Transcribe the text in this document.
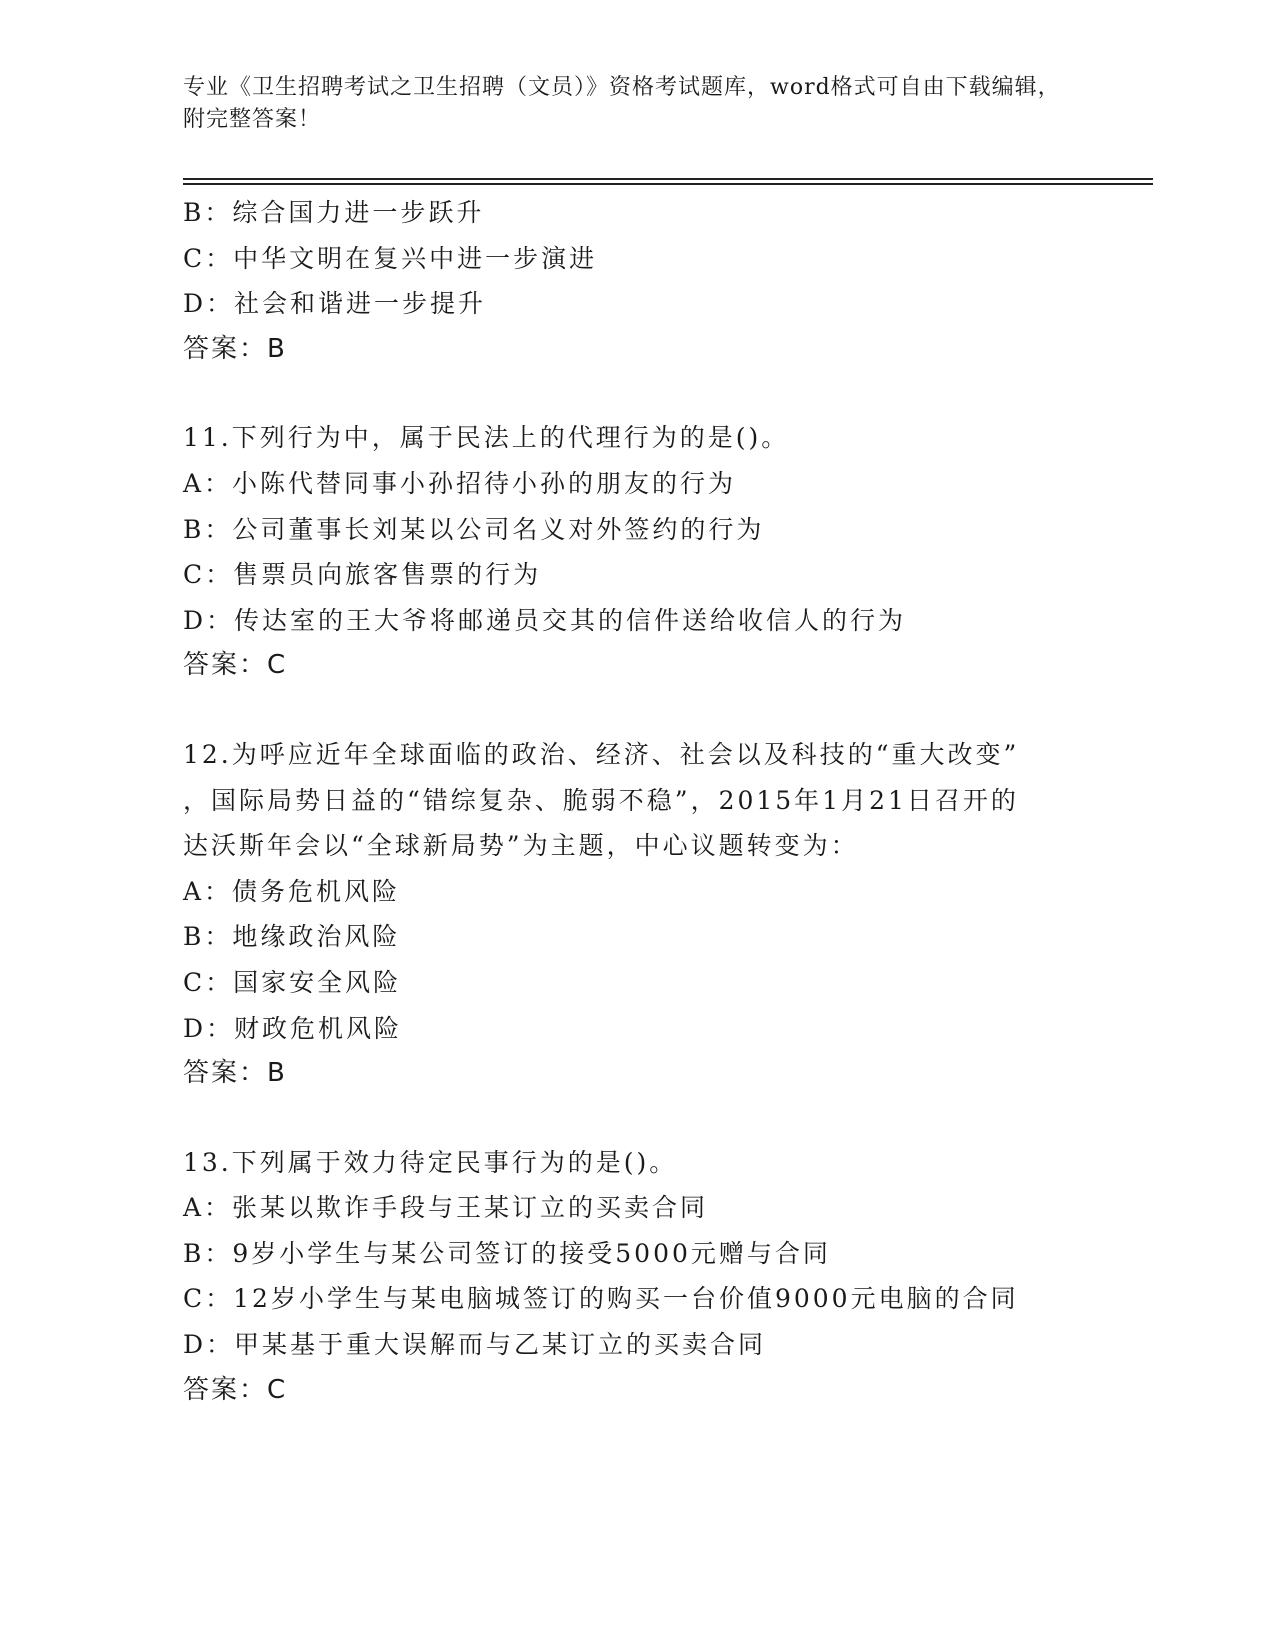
专业《卫生招聘考试之卫生招聘（文员）》资格考试题库，word格式可自由下载编辑，附完整答案！
B：综合国力进一步跃升
C：中华文明在复兴中进一步演进
D：社会和谐进一步提升
答案：B
11.下列行为中，属于民法上的代理行为的是()。
A：小陈代替同事小孙招待小孙的朋友的行为
B：公司董事长刘某以公司名义对外签约的行为
C：售票员向旅客售票的行为
D：传达室的王大爷将邮递员交其的信件送给收信人的行为
答案：C
12.为呼应近年全球面临的政治、经济、社会以及科技的“重大改变”
，国际局势日益的“错综复杂、脆弱不稳”，2015年1月21日召开的
达沃斯年会以“全球新局势”为主题，中心议题转变为：
A：债务危机风险
B：地缘政治风险
C：国家安全风险
D：财政危机风险
答案：B
13.下列属于效力待定民事行为的是()。
A：张某以欺诈手段与王某订立的买卖合同
B：9岁小学生与某公司签订的接受5000元赠与合同
C：12岁小学生与某电脑城签订的购买一台价值9000元电脑的合同
D：甲某基于重大误解而与乙某订立的买卖合同
答案：C
